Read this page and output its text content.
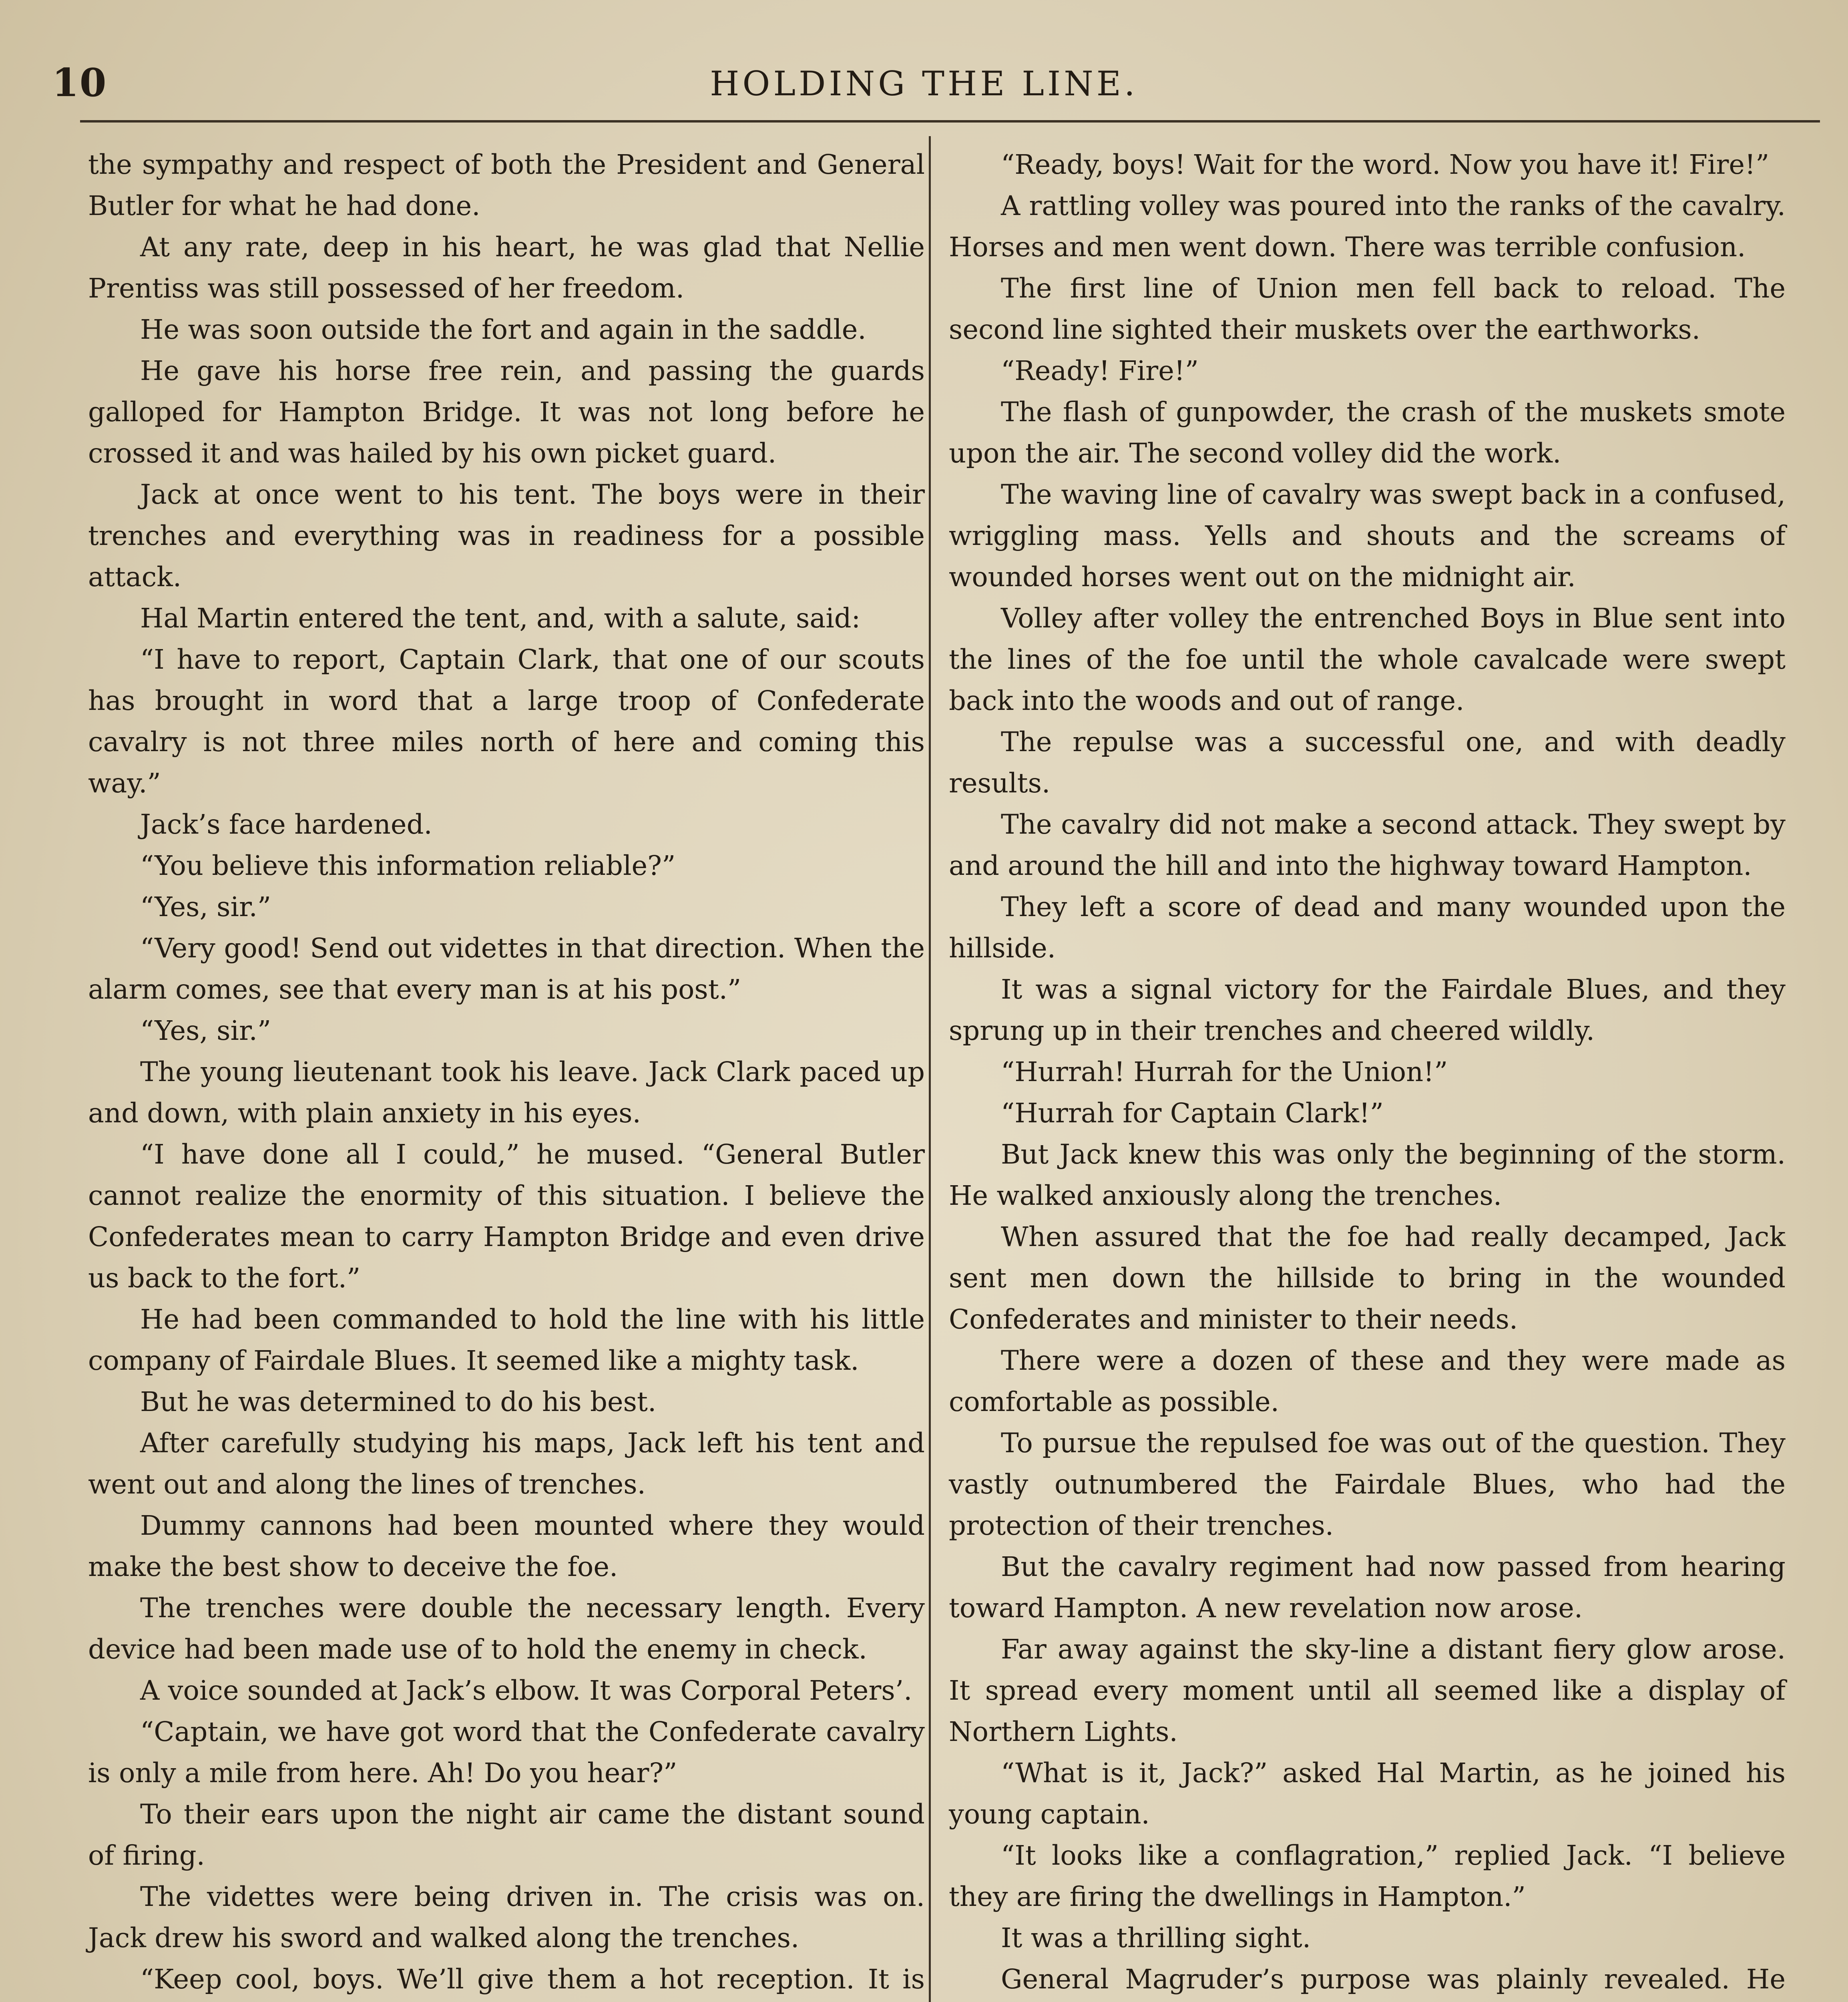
10	HOLDING THE LINE.

the sympathy and respect of both the President and General Butler for what he had done.

At any rate, deep in his heart, he was glad that Nellie Prentiss was still possessed of her freedom.

He was soon outside the fort and again in the saddle.

He gave his horse free rein, and passing the guards galloped for Hampton Bridge. It was not long before he crossed it and was hailed by his own picket guard.

Jack at once went to his tent. The boys were in their trenches and everything was in readiness for a possible attack.

Hal Martin entered the tent, and, with a salute, said:

“I have to report, Captain Clark, that one of our scouts has brought in word that a large troop of Confederate cavalry is not three miles north of here and coming this way.”

Jack’s face hardened.

“You believe this information reliable?”

“Yes, sir.”

“Very good! Send out videttes in that direction. When the alarm comes, see that every man is at his post.”

“Yes, sir.”

The young lieutenant took his leave. Jack Clark paced up and down, with plain anxiety in his eyes.

“I have done all I could,” he mused. “General Butler cannot realize the enormity of this situation. I believe the Confederates mean to carry Hampton Bridge and even drive us back to the fort.”

He had been commanded to hold the line with his little company of Fairdale Blues. It seemed like a mighty task.

But he was determined to do his best.

After carefully studying his maps, Jack left his tent and went out and along the lines of trenches.

Dummy cannons had been mounted where they would make the best show to deceive the foe.

The trenches were double the necessary length. Every device had been made use of to hold the enemy in check.

A voice sounded at Jack’s elbow. It was Corporal Peters’.

“Captain, we have got word that the Confederate cavalry is only a mile from here. Ah! Do you hear?”

To their ears upon the night air came the distant sound of firing.

The videttes were being driven in. The crisis was on. Jack drew his sword and walked along the trenches.

“Keep cool, boys. We’ll give them a hot reception. It is

“Ready, boys! Wait for the word. Now you have it! Fire!”

A rattling volley was poured into the ranks of the cavalry. Horses and men went down. There was terrible confusion.

The first line of Union men fell back to reload. The second line sighted their muskets over the earthworks.

“Ready! Fire!”

The flash of gunpowder, the crash of the muskets smote upon the air. The second volley did the work.

The waving line of cavalry was swept back in a confused, wriggling mass. Yells and shouts and the screams of wounded horses went out on the midnight air.

Volley after volley the entrenched Boys in Blue sent into the lines of the foe until the whole cavalcade were swept back into the woods and out of range.

The repulse was a successful one, and with deadly results.

The cavalry did not make a second attack. They swept by and around the hill and into the highway toward Hampton.

They left a score of dead and many wounded upon the hillside.

It was a signal victory for the Fairdale Blues, and they sprung up in their trenches and cheered wildly.

“Hurrah! Hurrah for the Union!”

“Hurrah for Captain Clark!”

But Jack knew this was only the beginning of the storm. He walked anxiously along the trenches.

When assured that the foe had really decamped, Jack sent men down the hillside to bring in the wounded Confederates and minister to their needs.

There were a dozen of these and they were made as comfortable as possible.

To pursue the repulsed foe was out of the question. They vastly outnumbered the Fairdale Blues, who had the protection of their trenches.

But the cavalry regiment had now passed from hearing toward Hampton. A new revelation now arose.

Far away against the sky-line a distant fiery glow arose. It spread every moment until all seemed like a display of Northern Lights.

“What is it, Jack?” asked Hal Martin, as he joined his young captain.

“It looks like a conflagration,” replied Jack. “I believe they are firing the dwellings in Hampton.”

It was a thrilling sight.

General Magruder’s purpose was plainly revealed. He
